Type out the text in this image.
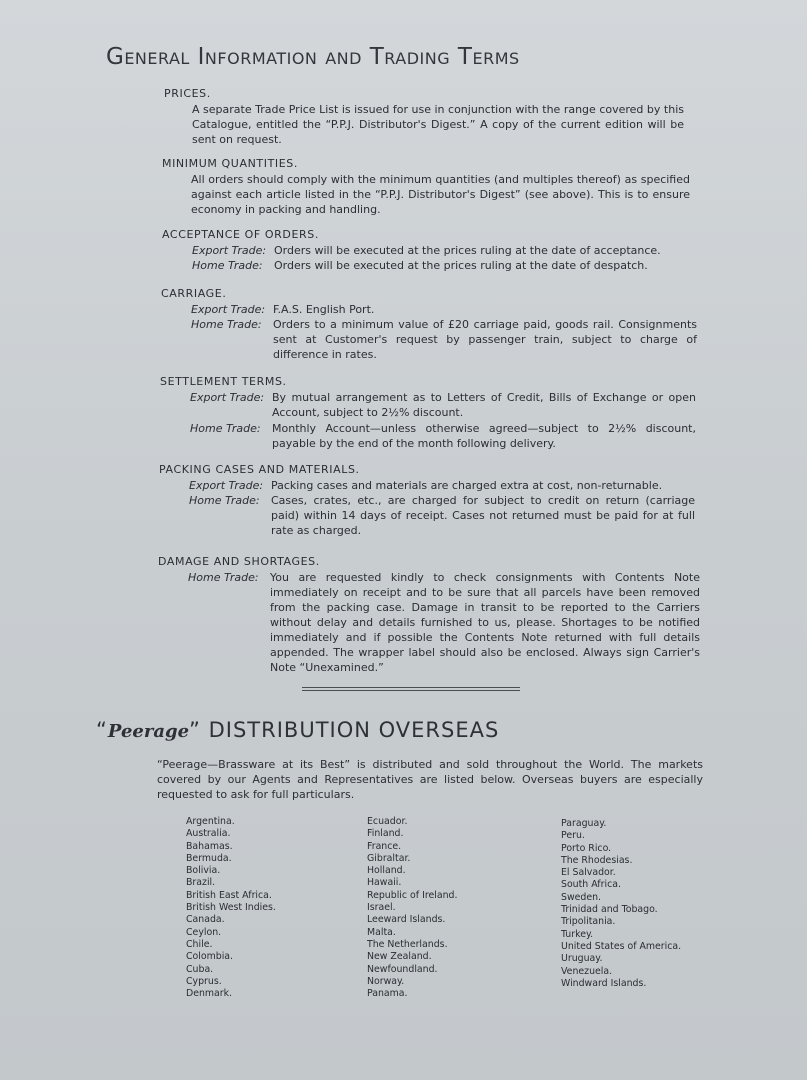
General Information and Trading Terms
PRICES.
A separate Trade Price List is issued for use in conjunction with the range covered by this Catalogue, entitled the “P.P.J. Distributor's Digest.” A copy of the current edition will be sent on request.
MINIMUM QUANTITIES.
All orders should comply with the minimum quantities (and multiples thereof) as specified against each article listed in the “P.P.J. Distributor's Digest” (see above). This is to ensure economy in packing and handling.
ACCEPTANCE OF ORDERS.
Export Trade: Orders will be executed at the prices ruling at the date of acceptance.
Home Trade:	Orders will be executed at the prices ruling at the date of despatch.
CARRIAGE.
Export Trade: F.A.S. English Port.
Home Trade:	Orders to a minimum value of £20 carriage paid, goods rail. Consignments sent at Customer's request by passenger train, subject to charge of difference in rates.
SETTLEMENT TERMS.
Export Trade: By mutual arrangement as to Letters of Credit, Bills of Exchange or open Account, subject to 2½% discount.
Home Trade:	Monthly Account—unless otherwise agreed—subject to 2½% discount, payable by the end of the month following delivery.
PACKING CASES AND MATERIALS.
Export Trade: Packing cases and materials are charged extra at cost, non-returnable.
Home Trade:	Cases, crates, etc., are charged for subject to credit on return (carriage paid) within 14 days of receipt. Cases not returned must be paid for at full rate as charged.
DAMAGE AND SHORTAGES.
Home Trade:	You are requested kindly to check consignments with Contents Note immediately on receipt and to be sure that all parcels have been removed from the packing case. Damage in transit to be reported to the Carriers without delay and details furnished to us, please. Shortages to be notified immediately and if possible the Contents Note returned with full details appended. The wrapper label should also be enclosed. Always sign Carrier's Note “Unexamined.”
“Peerage” DISTRIBUTION OVERSEAS
“Peerage—Brassware at its Best” is distributed and sold throughout the World. The markets covered by our Agents and Representatives are listed below. Overseas buyers are especially requested to ask for full particulars.
Argentina.
Australia.
Bahamas.
Bermuda.
Bolivia.
Brazil.
British East Africa.
British West Indies.
Canada.
Ceylon.
Chile.
Colombia.
Cuba.
Cyprus.
Denmark.
Ecuador.
Finland.
France.
Gibraltar.
Holland.
Hawaii.
Republic of Ireland.
Israel.
Leeward Islands.
Malta.
The Netherlands.
New Zealand.
Newfoundland.
Norway.
Panama.
Paraguay.
Peru.
Porto Rico.
The Rhodesias.
El Salvador.
South Africa.
Sweden.
Trinidad and Tobago.
Tripolitania.
Turkey.
United States of America.
Uruguay.
Venezuela.
Windward Islands.
